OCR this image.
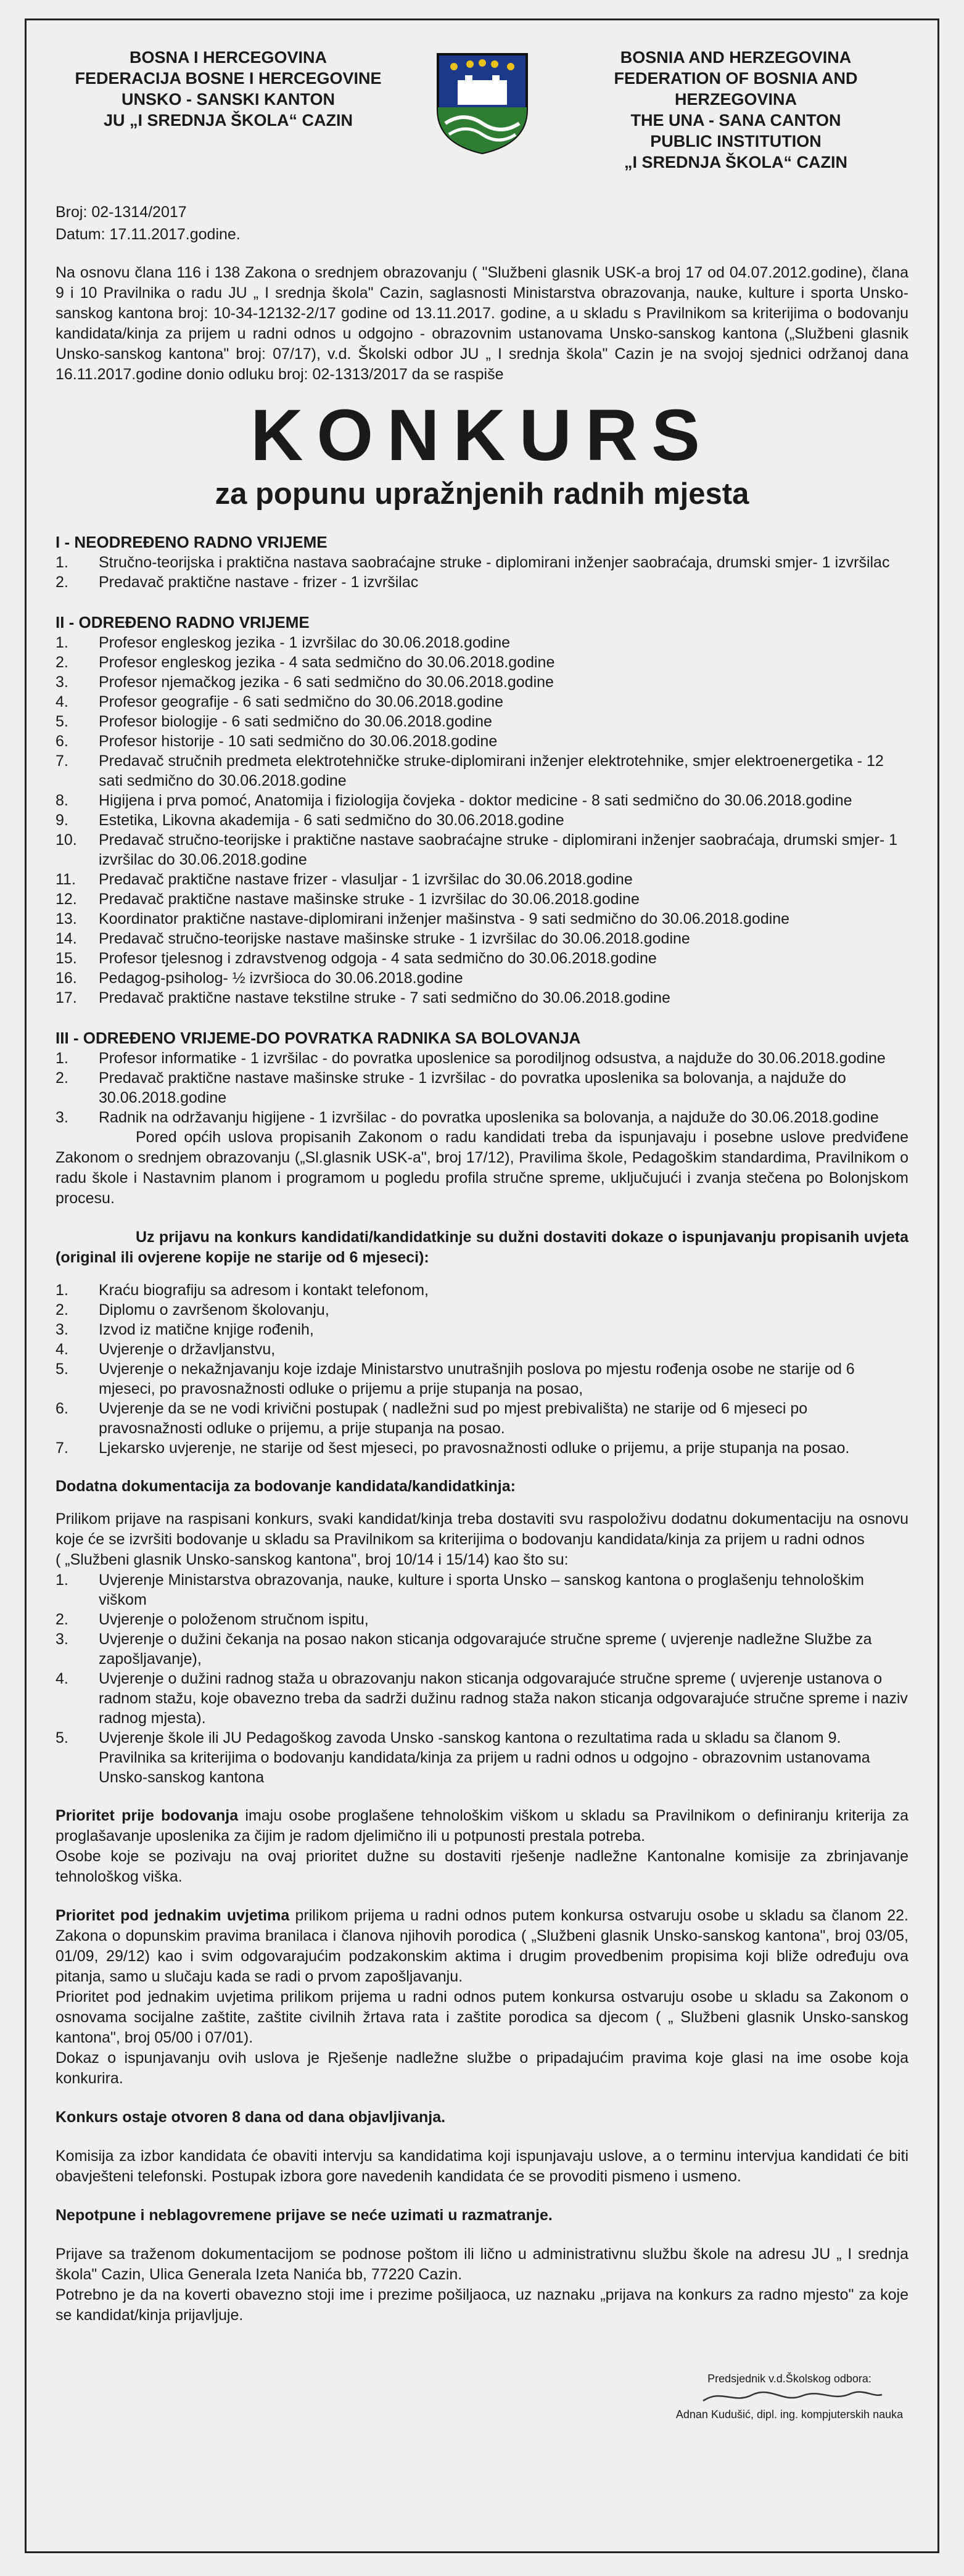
BOSNA I HERCEGOVINA
FEDERACIJA BOSNE I HERCEGOVINE
UNSKO - SANSKI KANTON
JU „I SREDNJA ŠKOLA“ CAZIN
BOSNIA AND HERZEGOVINA
FEDERATION OF BOSNIA AND HERZEGOVINA
THE UNA - SANA CANTON
PUBLIC INSTITUTION
„I SREDNJA ŠKOLA“ CAZIN
Broj: 02-1314/2017
Datum: 17.11.2017.godine.

Na osnovu člana 116 i 138 Zakona o srednjem obrazovanju ( "Službeni glasnik USK-a broj 17 od 04.07.2012.godine), člana 9 i 10 Pravilnika o radu JU „ I srednja škola" Cazin, saglasnosti Ministarstva obrazovanja, nauke, kulture i sporta Unsko-sanskog kantona broj: 10-34-12132-2/17 godine od 13.11.2017. godine, a u skladu s Pravilnikom sa kriterijima o bodovanju kandidata/kinja za prijem u radni odnos u odgojno - obrazovnim ustanovama Unsko-sanskog kantona („Službeni glasnik Unsko-sanskog kantona" broj: 07/17), v.d. Školski odbor JU „ I srednja škola" Cazin je na svojoj sjednici održanoj dana 16.11.2017.godine donio odluku broj: 02-1313/2017 da se raspiše

KONKURS
za popunu upražnjenih radnih mjesta
I - NEODREĐENO RADNO VRIJEME
1.	Stručno-teorijska i praktična nastava saobraćajne struke - diplomirani inženjer saobraćaja, drumski smjer- 1 izvršilac
2.	Predavač praktične nastave - frizer - 1 izvršilac
II - ODREĐENO RADNO VRIJEME
1.	Profesor engleskog jezika - 1 izvršilac do 30.06.2018.godine
2.	Profesor engleskog jezika - 4 sata sedmično do 30.06.2018.godine
3.	Profesor njemačkog jezika - 6 sati sedmično do 30.06.2018.godine
4.	Profesor geografije - 6 sati sedmično do 30.06.2018.godine
5.	Profesor biologije - 6 sati sedmično do 30.06.2018.godine
6.	Profesor historije - 10 sati sedmično do 30.06.2018.godine
7.	Predavač stručnih predmeta elektrotehničke struke-diplomirani inženjer elektrotehnike, smjer elektroenergetika - 12 sati sedmično do 30.06.2018.godine
8.	Higijena i prva pomoć, Anatomija i fiziologija čovjeka - doktor medicine - 8 sati sedmično do 30.06.2018.godine
9.	Estetika, Likovna akademija - 6 sati sedmično do 30.06.2018.godine
10.	Predavač stručno-teorijske i praktične nastave saobraćajne struke - diplomirani inženjer saobraćaja, drumski smjer- 1 izvršilac do 30.06.2018.godine
11.	Predavač praktične nastave frizer - vlasuljar - 1 izvršilac do 30.06.2018.godine
12.	Predavač praktične nastave mašinske struke - 1 izvršilac do 30.06.2018.godine
13.	Koordinator praktične nastave-diplomirani inženjer mašinstva - 9 sati sedmično do 30.06.2018.godine
14.	Predavač stručno-teorijske nastave mašinske struke - 1 izvršilac do 30.06.2018.godine
15.	Profesor tjelesnog i zdravstvenog odgoja - 4 sata sedmično do 30.06.2018.godine
16.	Pedagog-psiholog- ½ izvršioca do 30.06.2018.godine
17.	Predavač praktične nastave tekstilne struke - 7 sati sedmično do 30.06.2018.godine
III - ODREĐENO VRIJEME-DO POVRATKA RADNIKA SA BOLOVANJA
1.	Profesor informatike - 1 izvršilac - do povratka uposlenice sa porodiljnog odsustva, a najduže do 30.06.2018.godine
2.	Predavač praktične nastave mašinske struke - 1 izvršilac - do povratka uposlenika sa bolovanja, a najduže do 30.06.2018.godine
3.	Radnik na održavanju higijene - 1 izvršilac - do povratka uposlenika sa bolovanja, a najduže do 30.06.2018.godine

Pored općih uslova propisanih Zakonom o radu kandidati treba da ispunjavaju i posebne uslove predviđene Zakonom o srednjem obrazovanju („Sl.glasnik USK-a", broj 17/12), Pravilima škole, Pedagoškim standardima, Pravilnikom o radu škole i Nastavnim planom i programom u pogledu profila stručne spreme, uključujući i zvanja stečena po Bolonjskom procesu.

Uz prijavu na konkurs kandidati/kandidatkinje su dužni dostaviti dokaze o ispunjavanju propisanih uvjeta (original ili ovjerene kopije ne starije od 6 mjeseci):
1.	Kraću biografiju sa adresom i kontakt telefonom,
2.	Diplomu o završenom školovanju,
3.	Izvod iz matične knjige rođenih,
4.	Uvjerenje o državljanstvu,
5.	Uvjerenje o nekažnjavanju koje izdaje Ministarstvo unutrašnjih poslova po mjestu rođenja osobe ne starije od 6 mjeseci, po pravosnažnosti odluke o prijemu a prije stupanja na posao,
6.	Uvjerenje da se ne vodi krivični postupak ( nadležni sud po mjest prebivališta) ne starije od 6 mjeseci po pravosnažnosti odluke o prijemu, a prije stupanja na posao.
7.	Ljekarsko uvjerenje, ne starije od šest mjeseci, po pravosnažnosti odluke o prijemu, a prije stupanja na posao.
Dodatna dokumentacija za bodovanje kandidata/kandidatkinja:

Prilikom prijave na raspisani konkurs, svaki kandidat/kinja treba dostaviti svu raspoloživu dodatnu dokumentaciju na osnovu koje će se izvršiti bodovanje u skladu sa Pravilnikom sa kriterijima o bodovanju kandidata/kinja za prijem u radni odnos

( „Službeni glasnik Unsko-sanskog kantona", broj 10/14 i 15/14) kao što su:

1.	Uvjerenje Ministarstva obrazovanja, nauke, kulture i sporta Unsko – sanskog kantona o proglašenju tehnološkim viškom
2.	Uvjerenje o položenom stručnom ispitu,
3.	Uvjerenje o dužini čekanja na posao nakon sticanja odgovarajuće stručne spreme ( uvjerenje nadležne Službe za zapošljavanje),
4.	Uvjerenje o dužini radnog staža u obrazovanju nakon sticanja odgovarajuće stručne spreme ( uvjerenje ustanova o radnom stažu, koje obavezno treba da sadrži dužinu radnog staža nakon sticanja odgovarajuće stručne spreme i naziv radnog mjesta).
5.	Uvjerenje škole ili JU Pedagoškog zavoda Unsko -sanskog kantona o rezultatima rada u skladu sa članom 9. Pravilnika sa kriterijima o bodovanju kandidata/kinja za prijem u radni odnos u odgojno - obrazovnim ustanovama Unsko-sanskog kantona

Prioritet prije bodovanja imaju osobe proglašene tehnološkim viškom u skladu sa Pravilnikom o definiranju kriterija za proglašavanje uposlenika za čijim je radom djelimično ili u potpunosti prestala potreba.

Osobe koje se pozivaju na ovaj prioritet dužne su dostaviti rješenje nadležne Kantonalne komisije za zbrinjavanje tehnološkog viška.

Prioritet pod jednakim uvjetima prilikom prijema u radni odnos putem konkursa ostvaruju osobe u skladu sa članom 22. Zakona o dopunskim pravima branilaca i članova njihovih porodica ( „Službeni glasnik Unsko-sanskog kantona", broj 03/05, 01/09, 29/12) kao i svim odgovarajućim podzakonskim aktima i drugim provedbenim propisima koji bliže određuju ova pitanja, samo u slučaju kada se radi o prvom zapošljavanju.

Prioritet pod jednakim uvjetima prilikom prijema u radni odnos putem konkursa ostvaruju osobe u skladu sa Zakonom o osnovama socijalne zaštite, zaštite civilnih žrtava rata i zaštite porodica sa djecom ( „ Službeni glasnik Unsko-sanskog kantona", broj 05/00 i 07/01).

Dokaz o ispunjavanju ovih uslova je Rješenje nadležne službe o pripadajućim pravima koje glasi na ime osobe koja konkurira.

Konkurs ostaje otvoren 8 dana od dana objavljivanja.

Komisija za izbor kandidata će obaviti intervju sa kandidatima koji ispunjavaju uslove, a o terminu intervjua kandidati će biti obavješteni telefonski. Postupak izbora gore navedenih kandidata će se provoditi pismeno i usmeno.

Nepotpune i neblagovremene prijave se neće uzimati u razmatranje.

Prijave sa traženom dokumentacijom se podnose poštom ili lično u administrativnu službu škole na adresu JU „ I srednja škola" Cazin, Ulica Generala Izeta Nanića bb, 77220 Cazin.

Potrebno je da na koverti obavezno stoji ime i prezime pošiljaoca, uz naznaku „prijava na konkurs za radno mjesto" za koje se kandidat/kinja prijavljuje.

Predsjednik v.d.Školskog odbora:
Adnan Kudušić, dipl. ing. kompjuterskih nauka
